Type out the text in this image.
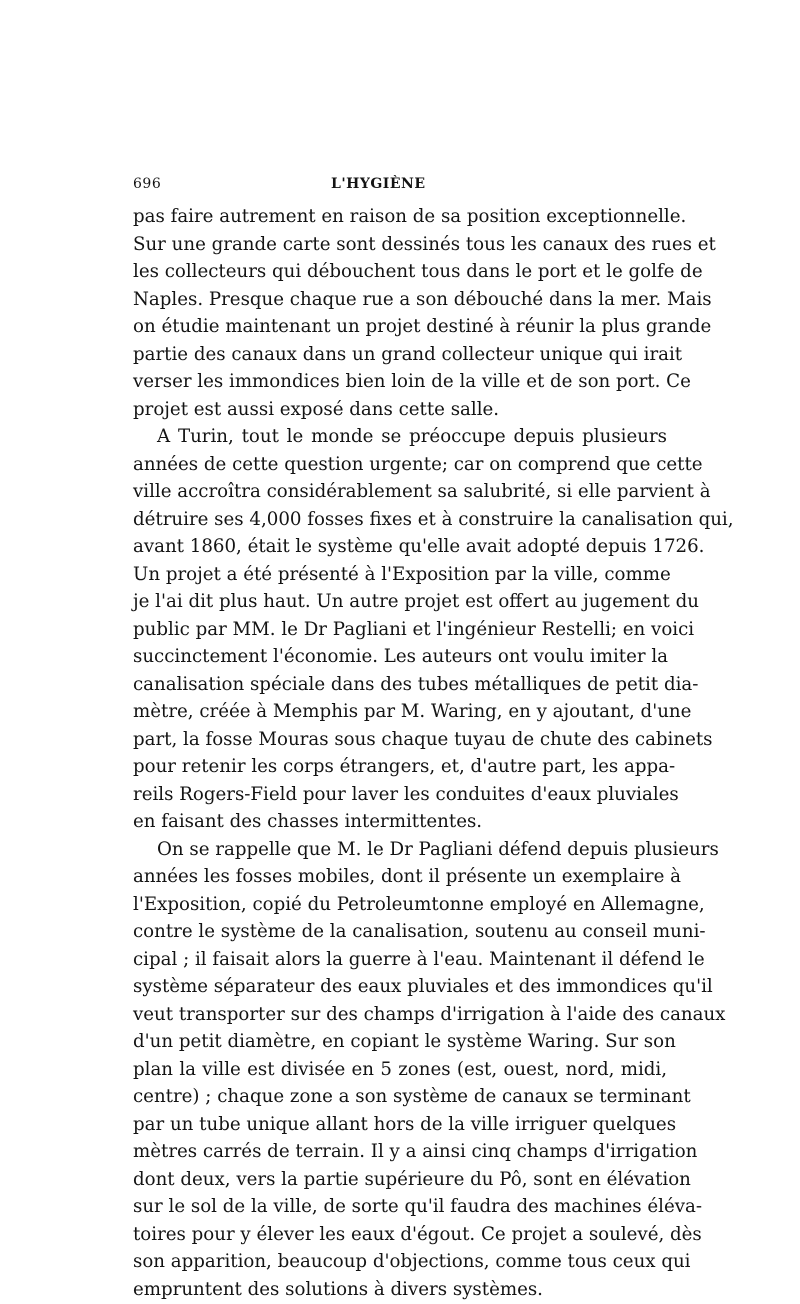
696	L'HYGIÈNE
pas faire autrement en raison de sa position exceptionnelle.
Sur une grande carte sont dessinés tous les canaux des rues et
les collecteurs qui débouchent tous dans le port et le golfe de
Naples. Presque chaque rue a son débouché dans la mer. Mais
on étudie maintenant un projet destiné à réunir la plus grande
partie des canaux dans un grand collecteur unique qui irait
verser les immondices bien loin de la ville et de son port. Ce
projet est aussi exposé dans cette salle.
A Turin, tout le monde se préoccupe depuis plusieurs
années de cette question urgente; car on comprend que cette
ville accroîtra considérablement sa salubrité, si elle parvient à
détruire ses 4,000 fosses fixes et à construire la canalisation qui,
avant 1860, était le système qu'elle avait adopté depuis 1726.
Un projet a été présenté à l'Exposition par la ville, comme
je l'ai dit plus haut. Un autre projet est offert au jugement du
public par MM. le Dr Pagliani et l'ingénieur Restelli; en voici
succinctement l'économie. Les auteurs ont voulu imiter la
canalisation spéciale dans des tubes métalliques de petit dia-
mètre, créée à Memphis par M. Waring, en y ajoutant, d'une
part, la fosse Mouras sous chaque tuyau de chute des cabinets
pour retenir les corps étrangers, et, d'autre part, les appa-
reils Rogers-Field pour laver les conduites d'eaux pluviales
en faisant des chasses intermittentes.
On se rappelle que M. le Dr Pagliani défend depuis plusieurs
années les fosses mobiles, dont il présente un exemplaire à
l'Exposition, copié du Petroleumtonne employé en Allemagne,
contre le système de la canalisation, soutenu au conseil muni-
cipal ; il faisait alors la guerre à l'eau. Maintenant il défend le
système séparateur des eaux pluviales et des immondices qu'il
veut transporter sur des champs d'irrigation à l'aide des canaux
d'un petit diamètre, en copiant le système Waring. Sur son
plan la ville est divisée en 5 zones (est, ouest, nord, midi,
centre) ; chaque zone a son système de canaux se terminant
par un tube unique allant hors de la ville irriguer quelques
mètres carrés de terrain. Il y a ainsi cinq champs d'irrigation
dont deux, vers la partie supérieure du Pô, sont en élévation
sur le sol de la ville, de sorte qu'il faudra des machines éléva-
toires pour y élever les eaux d'égout. Ce projet a soulevé, dès
son apparition, beaucoup d'objections, comme tous ceux qui
empruntent des solutions à divers systèmes.
